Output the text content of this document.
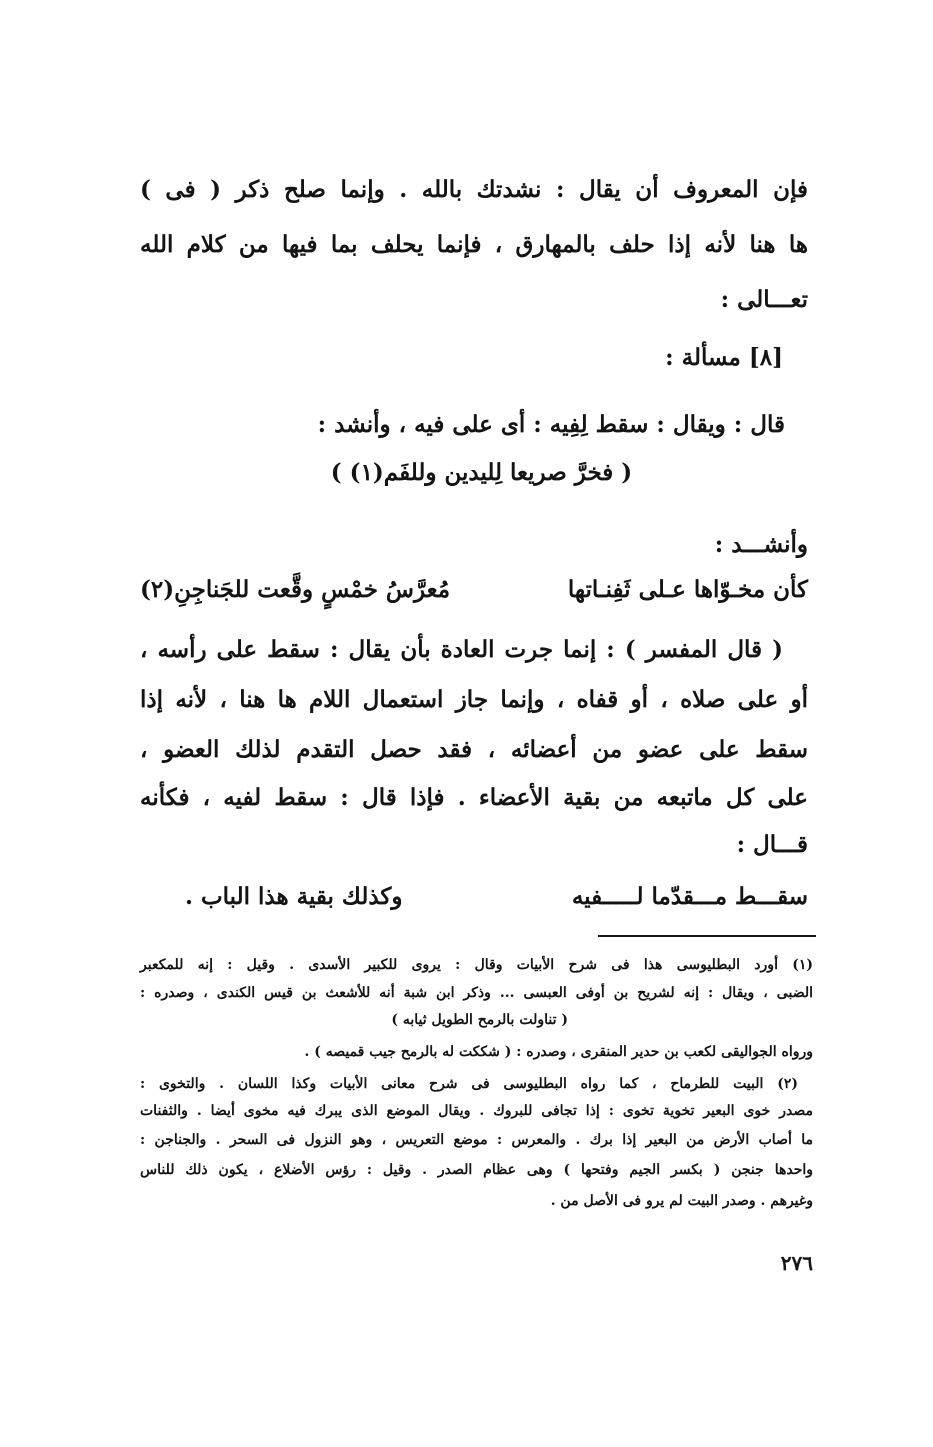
فإن المعروف أن يقال : نشدتك بالله . وإنما صلح ذكر ( فى )
ها هنا لأنه إذا حلف بالمهارق ، فإنما يحلف بما فيها من كلام الله
تعـــالى :
[٨] مسألة :
قال : ويقال : سقط لِفِيه : أى على فيه ، وأنشد :
( فخرَّ صريعا لِليدين وللفَم(١) )
وأنشـــد :
كأن مخـوّاها عـلى ثَفِنـاتها
مُعرَّسُ خمْسٍ وقَّعت للجَناجِنِ(٢)
( قال المفسر ) : إنما جرت العادة بأن يقال : سقط على رأسه ،
أو على صلاه ، أو قفاه ، وإنما جاز استعمال اللام ها هنا ، لأنه إذا
سقط على عضو من أعضائه ، فقد حصل التقدم لذلك العضو ،
على كل ماتبعه من بقية الأعضاء . فإذا قال : سقط لفيه ، فكأنه
قـــال :
سقـــط مـــقدّما لـــــفيه
وكذلك بقية هذا الباب .
(١) أورد البطليوسى هذا فى شرح الأبيات وقال : يروى للكبير الأسدى . وقيل : إنه للمكعبر
الضبى ، ويقال : إنه لشريح بن أوفى العبسى ... وذكر ابن شبة أنه للأشعث بن قيس الكندى ، وصدره :
( تناولت بالرمح الطويل ثيابه )
ورواه الجواليقى لكعب بن حدير المنقرى ، وصدره : ( شككت له بالرمح جيب قميصه ) .
(٢) البيت للطرماح ، كما رواه البطليوسى فى شرح معانى الأبيات وكذا اللسان . والتخوى :
مصدر خوى البعير تخوية تخوى : إذا تجافى للبروك . ويقال الموضع الذى يبرك فيه مخوى أيضا . والثفنات
ما أصاب الأرض من البعير إذا برك . والمعرس : موضع التعريس ، وهو النزول فى السحر . والجناجن :
واحدها جنجن ( بكسر الجيم وفتحها ) وهى عظام الصدر . وقيل : رؤس الأضلاع ، يكون ذلك للناس
وغيرهم . وصدر البيت لم يرو فى الأصل من .
٢٧٦
